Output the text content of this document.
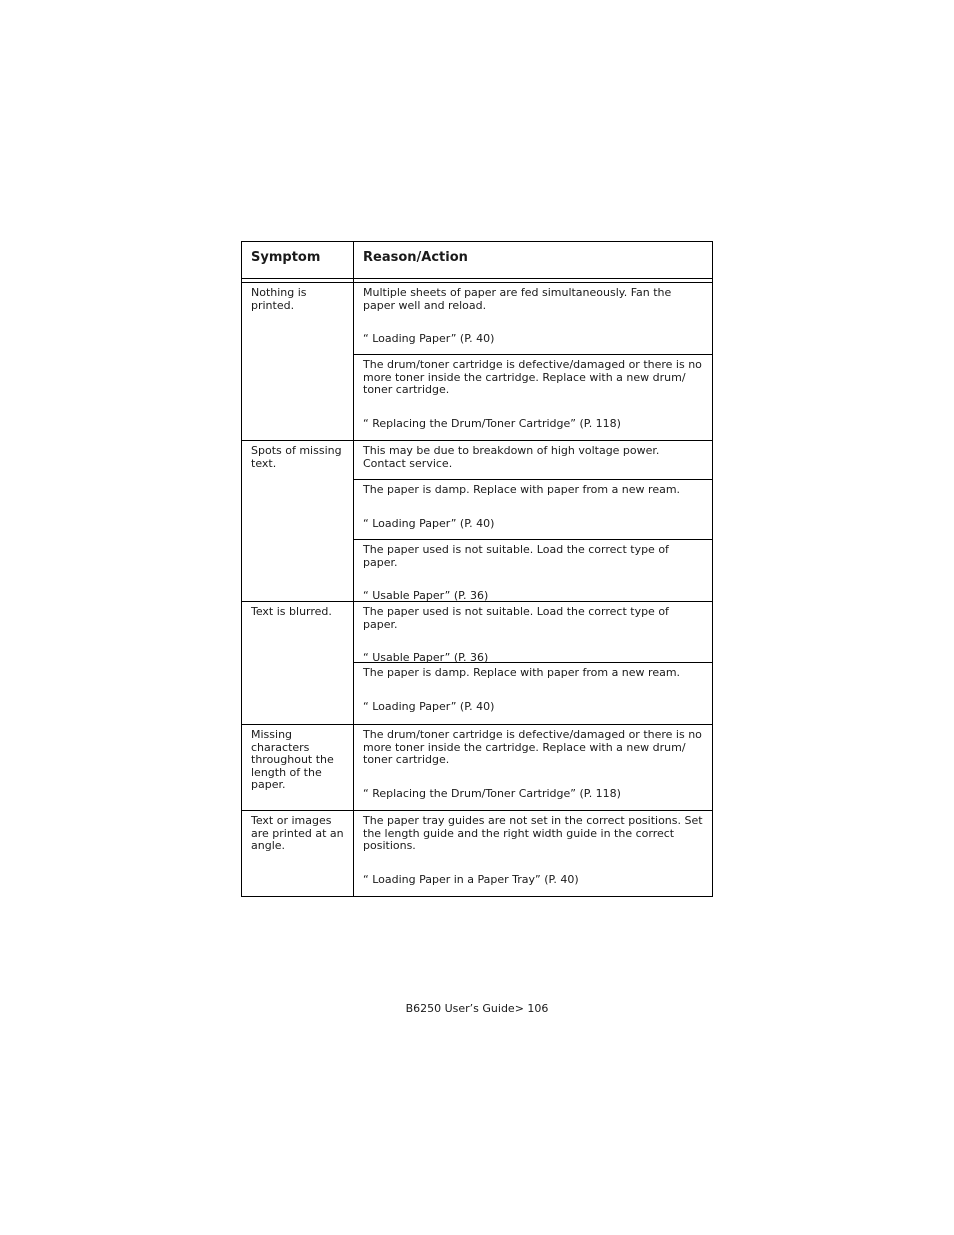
Symptom	Reason/Action
Nothing is printed.
Multiple sheets of paper are fed simultaneously. Fan the paper well and reload.
“ Loading Paper” (P. 40)
The drum/toner cartridge is defective/damaged or there is no more toner inside the cartridge. Replace with a new drum/ toner cartridge.
“ Replacing the Drum/Toner Cartridge” (P. 118)
Spots of missing text.
This may be due to breakdown of high voltage power. Contact service.
The paper is damp. Replace with paper from a new ream.
“ Loading Paper” (P. 40)
The paper used is not suitable. Load the correct type of paper.
“ Usable Paper” (P. 36)
Text is blurred.	The paper used is not suitable. Load the correct type of paper.
“ Usable Paper” (P. 36)
The paper is damp. Replace with paper from a new ream.
“ Loading Paper” (P. 40)
Missing characters throughout the length of the paper.
The drum/toner cartridge is defective/damaged or there is no more toner inside the cartridge. Replace with a new drum/ toner cartridge.
“ Replacing the Drum/Toner Cartridge” (P. 118)
Text or images are printed at an angle.
The paper tray guides are not set in the correct positions. Set the length guide and the right width guide in the correct positions.
“ Loading Paper in a Paper Tray” (P. 40)
B6250 User’s Guide> 106
